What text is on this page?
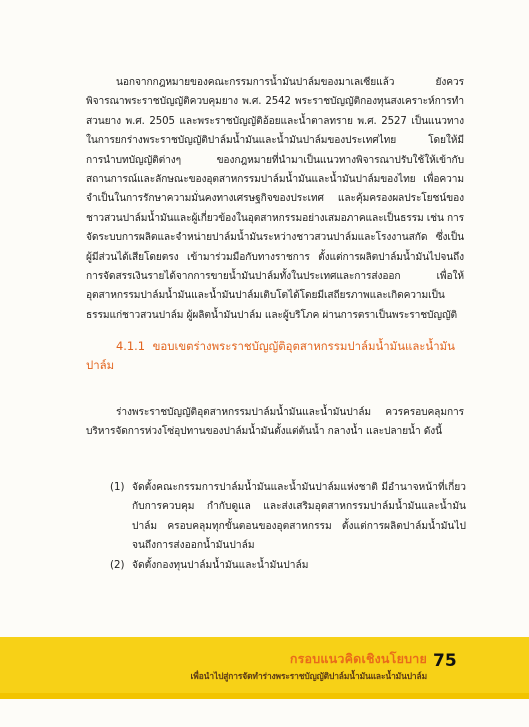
นอกจากกฎหมายของคณะกรรมการน้ำมันปาล์มของมาเลเซียแล้ว ยังควรพิจารณาพระราชบัญญัติควบคุมยาง พ.ศ. 2542 พระราชบัญญัติกองทุนสงเคราะห์การทำสวนยาง พ.ศ. 2505 และพระราชบัญญัติอ้อยและน้ำตาลทราย พ.ศ. 2527 เป็นแนวทางในการยกร่างพระราชบัญญัติปาล์มน้ำมันและน้ำมันปาล์มของประเทศไทย โดยให้มีการนำบทบัญญัติต่างๆ ของกฎหมายที่นำมาเป็นแนวทางพิจารณาปรับใช้ให้เข้ากับสถานการณ์และลักษณะของอุตสาหกรรมปาล์มน้ำมันและน้ำมันปาล์มของไทย เพื่อความจำเป็นในการรักษาความมั่นคงทางเศรษฐกิจของประเทศ และคุ้มครองผลประโยชน์ของชาวสวนปาล์มน้ำมันและผู้เกี่ยวข้องในอุตสาหกรรมอย่างเสมอภาคและเป็นธรรม เช่น การจัดระบบการผลิตและจำหน่ายปาล์มน้ำมันระหว่างชาวสวนปาล์มและโรงงานสกัด ซึ่งเป็นผู้มีส่วนได้เสียโดยตรง เข้ามาร่วมมือกับทางราชการ ตั้งแต่การผลิตปาล์มน้ำมันไปจนถึงการจัดสรรเงินรายได้จากการขายน้ำมันปาล์มทั้งในประเทศและการส่งออก เพื่อให้อุตสาหกรรมปาล์มน้ำมันและน้ำมันปาล์มเติบโตได้โดยมีเสถียรภาพและเกิดความเป็นธรรมแก่ชาวสวนปาล์ม ผู้ผลิตน้ำมันปาล์ม และผู้บริโภค ผ่านการตราเป็นพระราชบัญญัติ

4.1.1 ขอบเขตร่างพระราชบัญญัติอุตสาหกรรมปาล์มน้ำมันและน้ำมันปาล์ม

ร่างพระราชบัญญัติอุตสาหกรรมปาล์มน้ำมันและน้ำมันปาล์ม ควรครอบคลุมการบริหารจัดการห่วงโซ่อุปทานของปาล์มน้ำมันตั้งแต่ต้นน้ำ กลางน้ำ และปลายน้ำ ดังนี้

(1) จัดตั้งคณะกรรมการปาล์มน้ำมันและน้ำมันปาล์มแห่งชาติ มีอำนาจหน้าที่เกี่ยวกับการควบคุม กำกับดูแล และส่งเสริมอุตสาหกรรมปาล์มน้ำมันและน้ำมันปาล์ม ครอบคลุมทุกขั้นตอนของอุตสาหกรรม ตั้งแต่การผลิตปาล์มน้ำมันไปจนถึงการส่งออกน้ำมันปาล์ม
(2) จัดตั้งกองทุนปาล์มน้ำมันและน้ำมันปาล์ม
กรอบแนวคิดเชิงนโยบาย
เพื่อนำไปสู่การจัดทำร่างพระราชบัญญัติปาล์มน้ำมันและน้ำมันปาล์ม
75
